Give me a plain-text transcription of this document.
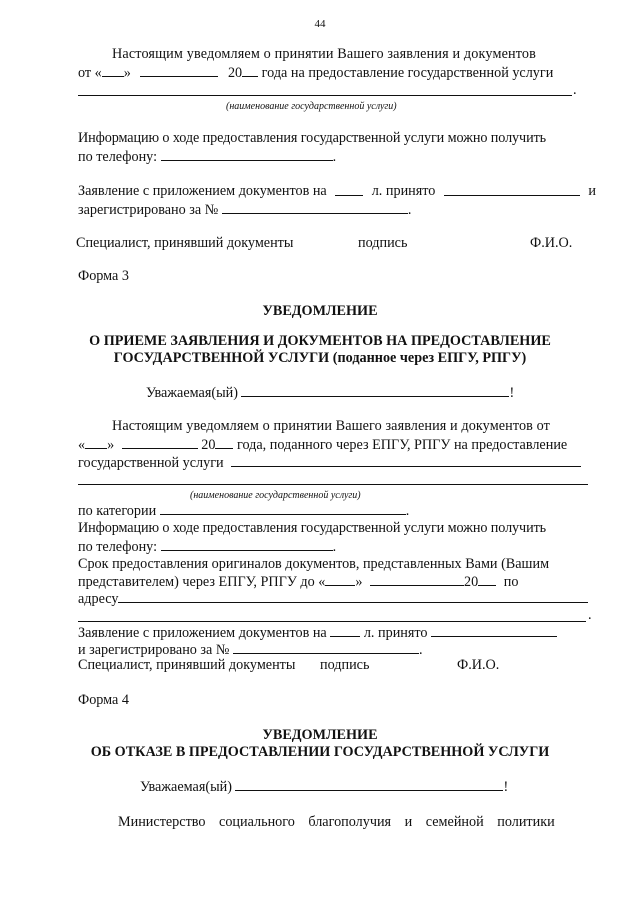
44
Настоящим уведомляем о принятии Вашего заявления и документов
от « »	20 года на предоставление государственной услуги
.
(наименование государственной услуги)
Информацию о ходе предоставления государственной услуги можно получить
по телефону:	.
Заявление с приложением документов на	л. принято	и
зарегистрировано за №	.
Специалист, принявший документы	подпись	Ф.И.О.
Форма 3
УВЕДОМЛЕНИЕ
О ПРИЕМЕ ЗАЯВЛЕНИЯ И ДОКУМЕНТОВ НА ПРЕДОСТАВЛЕНИЕ
ГОСУДАРСТВЕННОЙ УСЛУГИ (поданное через ЕПГУ, РПГУ)
Уважаемая(ый)	!
Настоящим уведомляем о принятии Вашего заявления и документов от
« »	20 года, поданного через ЕПГУ, РПГУ на предоставление
государственной услуги
(наименование государственной услуги)
по категории	.
Информацию о ходе предоставления государственной услуги можно получить
по телефону:	.
Срок предоставления оригиналов документов, представленных Вами (Вашим
представителем) через ЕПГУ, РПГУ до « »	20 по
адресу
.
Заявление с приложением документов на	л. принято
и зарегистрировано за №	.
Специалист, принявший документы подпись	Ф.И.О.
Форма 4
УВЕДОМЛЕНИЕ
ОБ ОТКАЗЕ В ПРЕДОСТАВЛЕНИИ ГОСУДАРСТВЕННОЙ УСЛУГИ
Уважаемая(ый)	!
Министерство социального благополучия и семейной политики
